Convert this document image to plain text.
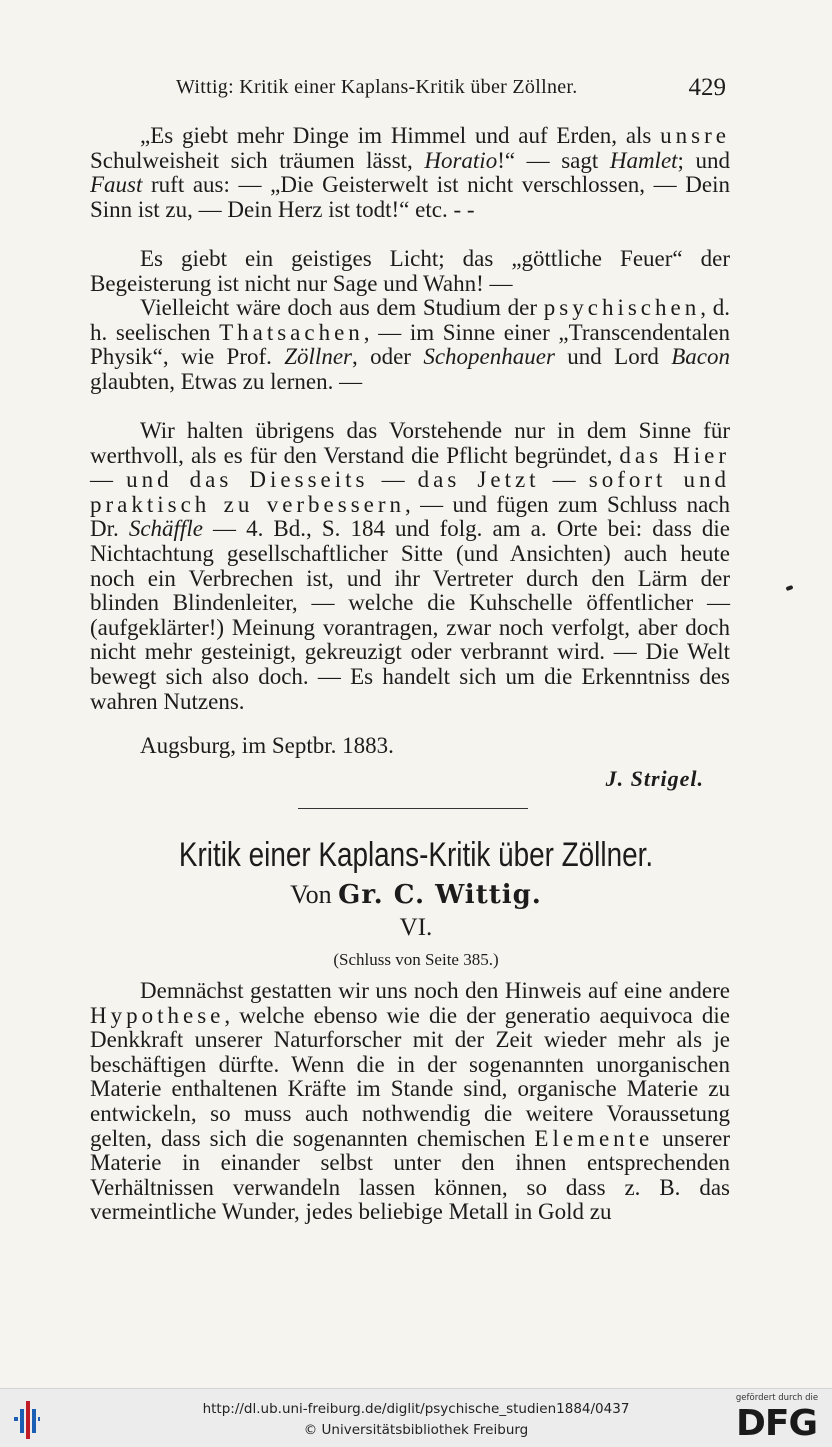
Wittig: Kritik einer Kaplans-Kritik über Zöllner.	429

„Es giebt mehr Dinge im Himmel und auf Erden, als unsre Schulweisheit sich träumen lässt, Horatio!“ — sagt Hamlet; und Faust ruft aus: — „Die Geisterwelt ist nicht verschlossen, — Dein Sinn ist zu, — Dein Herz ist todt!“ etc. - -

Es giebt ein geistiges Licht; das „göttliche Feuer“ der Begeisterung ist nicht nur Sage und Wahn! —

Vielleicht wäre doch aus dem Studium der psychischen, d. h. seelischen Thatsachen, — im Sinne einer „Transcendentalen Physik“, wie Prof. Zöllner, oder Schopenhauer und Lord Bacon glaubten, Etwas zu lernen. —

Wir halten übrigens das Vorstehende nur in dem Sinne für werthvoll, als es für den Verstand die Pflicht begründet, das Hier — und das Diesseits — das Jetzt — sofort und praktisch zu verbessern, — und fügen zum Schluss nach Dr. Schäffle — 4. Bd., S. 184 und folg. am a. Orte bei: dass die Nichtachtung gesellschaftlicher Sitte (und Ansichten) auch heute noch ein Verbrechen ist, und ihr Vertreter durch den Lärm der blinden Blindenleiter, — welche die Kuhschelle öffentlicher — (aufgeklärter!) Meinung vorantragen, zwar noch verfolgt, aber doch nicht mehr gesteinigt, gekreuzigt oder verbrannt wird. — Die Welt bewegt sich also doch. — Es handelt sich um die Erkenntniss des wahren Nutzens.

Augsburg, im Septbr. 1883.

J. Strigel.
Kritik einer Kaplans-Kritik über Zöllner.
Von Gr. C. Wittig.
VI.
(Schluss von Seite 385.)

Demnächst gestatten wir uns noch den Hinweis auf eine andere Hypothese, welche ebenso wie die der generatio aequivoca die Denkkraft unserer Naturforscher mit der Zeit wieder mehr als je beschäftigen dürfte. Wenn die in der sogenannten unorganischen Materie enthaltenen Kräfte im Stande sind, organische Materie zu entwickeln, so muss auch nothwendig die weitere Voraussetung gelten, dass sich die sogenannten chemischen Elemente unserer Materie in einander selbst unter den ihnen entsprechenden Verhältnissen verwandeln lassen können, so dass z. B. das vermeintliche Wunder, jedes beliebige Metall in Gold zu

http://dl.ub.uni-freiburg.de/diglit/psychische_studien1884/0437
© Universitätsbibliothek Freiburg
gefördert durch die
DFG
